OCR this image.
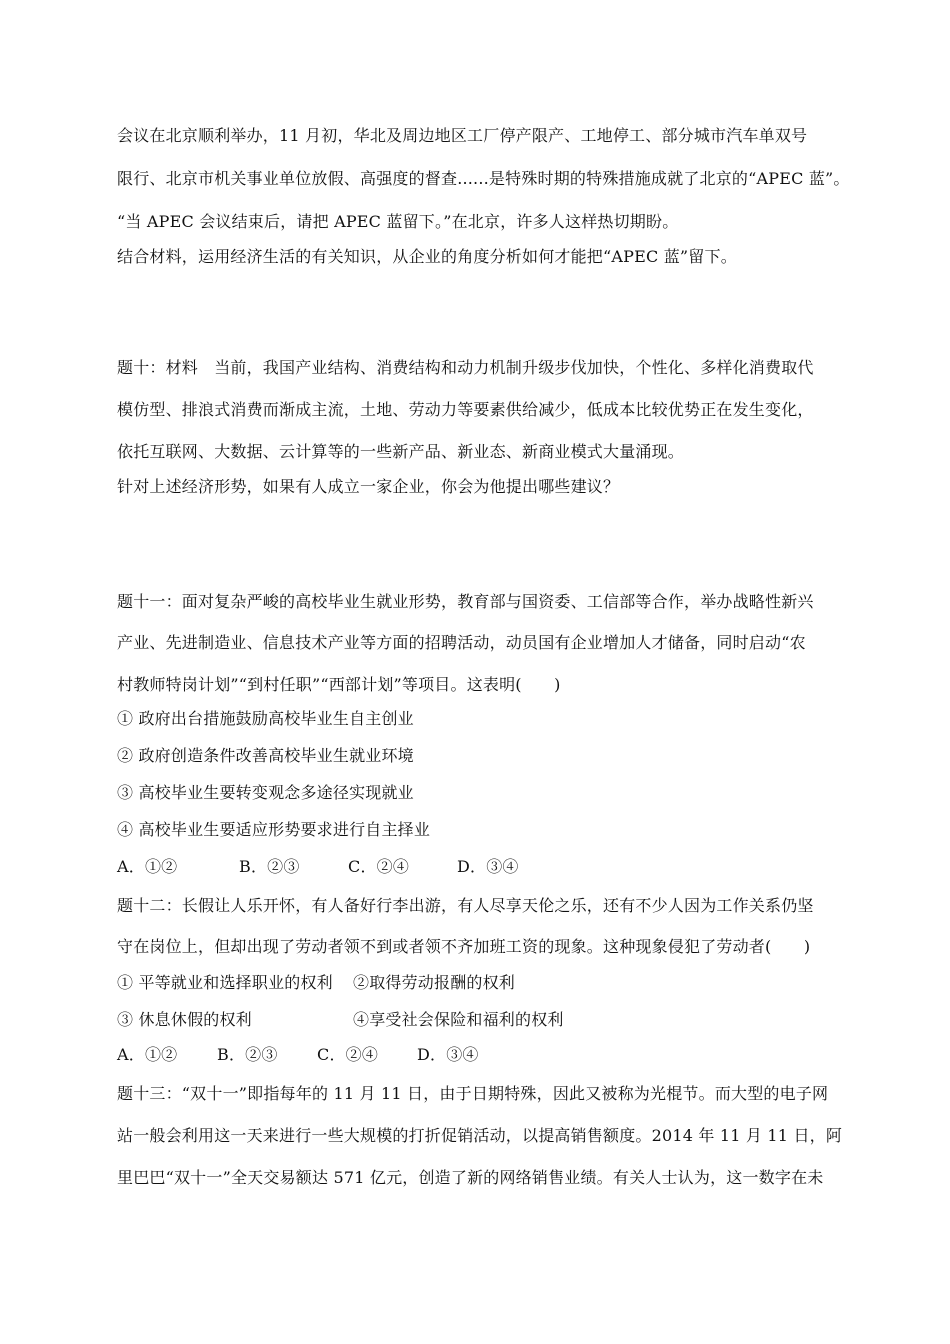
会议在北京顺利举办，11 月初，华北及周边地区工厂停产限产、工地停工、部分城市汽车单双号
限行、北京市机关事业单位放假、高强度的督查......是特殊时期的特殊措施成就了北京的“APEC 蓝”。
“当 APEC 会议结束后，请把 APEC 蓝留下。”在北京，许多人这样热切期盼。
结合材料，运用经济生活的有关知识，从企业的角度分析如何才能把“APEC 蓝”留下。
题十：材料　当前，我国产业结构、消费结构和动力机制升级步伐加快，个性化、多样化消费取代
模仿型、排浪式消费而渐成主流，土地、劳动力等要素供给减少，低成本比较优势正在发生变化，
依托互联网、大数据、云计算等的一些新产品、新业态、新商业模式大量涌现。
针对上述经济形势，如果有人成立一家企业，你会为他提出哪些建议？
题十一：面对复杂严峻的高校毕业生就业形势，教育部与国资委、工信部等合作，举办战略性新兴
产业、先进制造业、信息技术产业等方面的招聘活动，动员国有企业增加人才储备，同时启动“农
村教师特岗计划”“到村任职”“西部计划”等项目。这表明(　　)
① 政府出台措施鼓励高校毕业生自主创业
② 政府创造条件改善高校毕业生就业环境
③ 高校毕业生要转变观念多途径实现就业
④ 高校毕业生要适应形势要求进行自主择业
A．①②	B．②③	C．②④	D．③④
题十二：长假让人乐开怀，有人备好行李出游，有人尽享天伦之乐，还有不少人因为工作关系仍坚
守在岗位上，但却出现了劳动者领不到或者领不齐加班工资的现象。这种现象侵犯了劳动者(　　)
① 平等就业和选择职业的权利 ②取得劳动报酬的权利
③ 休息休假的权利	④享受社会保险和福利的权利
A．①② B．②③ C．②④ D．③④
题十三：“双十一”即指每年的 11 月 11 日，由于日期特殊，因此又被称为光棍节。而大型的电子网
站一般会利用这一天来进行一些大规模的打折促销活动，以提高销售额度。2014 年 11 月 11 日，阿
里巴巴“双十一”全天交易额达 571 亿元，创造了新的网络销售业绩。有关人士认为，这一数字在未
